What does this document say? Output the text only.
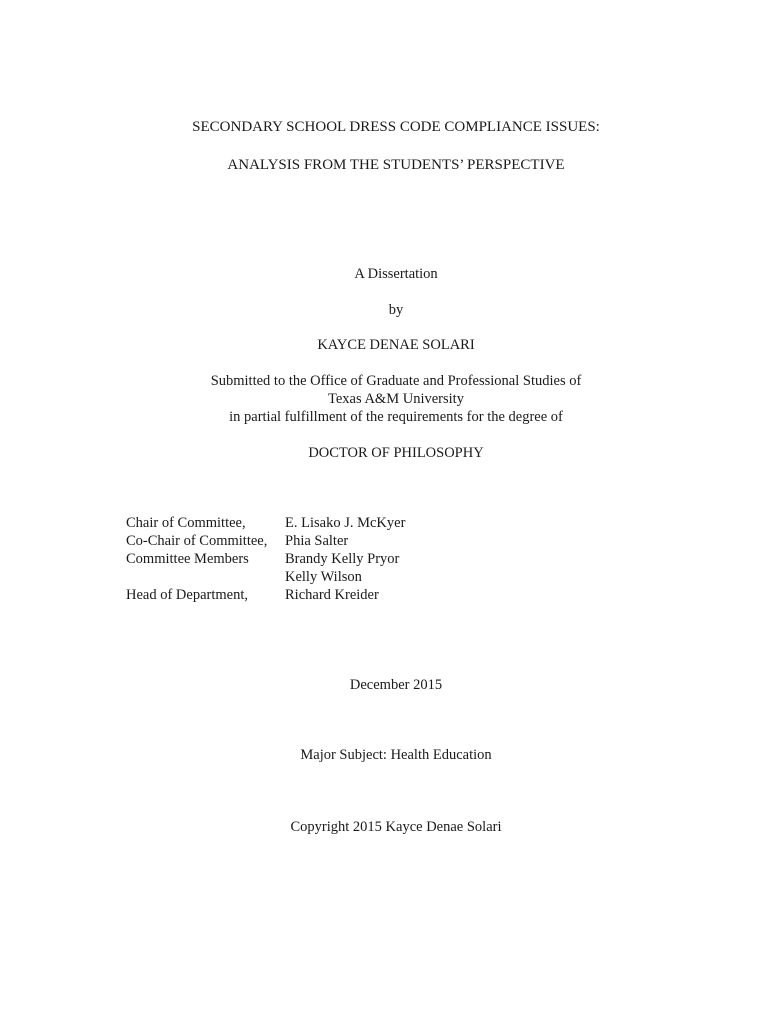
SECONDARY SCHOOL DRESS CODE COMPLIANCE ISSUES:
ANALYSIS FROM THE STUDENTS’ PERSPECTIVE
A Dissertation
by
KAYCE DENAE SOLARI
Submitted to the Office of Graduate and Professional Studies of
Texas A&M University
in partial fulfillment of the requirements for the degree of
DOCTOR OF PHILOSOPHY
Chair of Committee,	E. Lisako J. McKyer
Co-Chair of Committee,	Phia Salter
Committee Members	Brandy Kelly Pryor
Kelly Wilson
Head of Department,	Richard Kreider
December 2015
Major Subject: Health Education
Copyright 2015 Kayce Denae Solari
